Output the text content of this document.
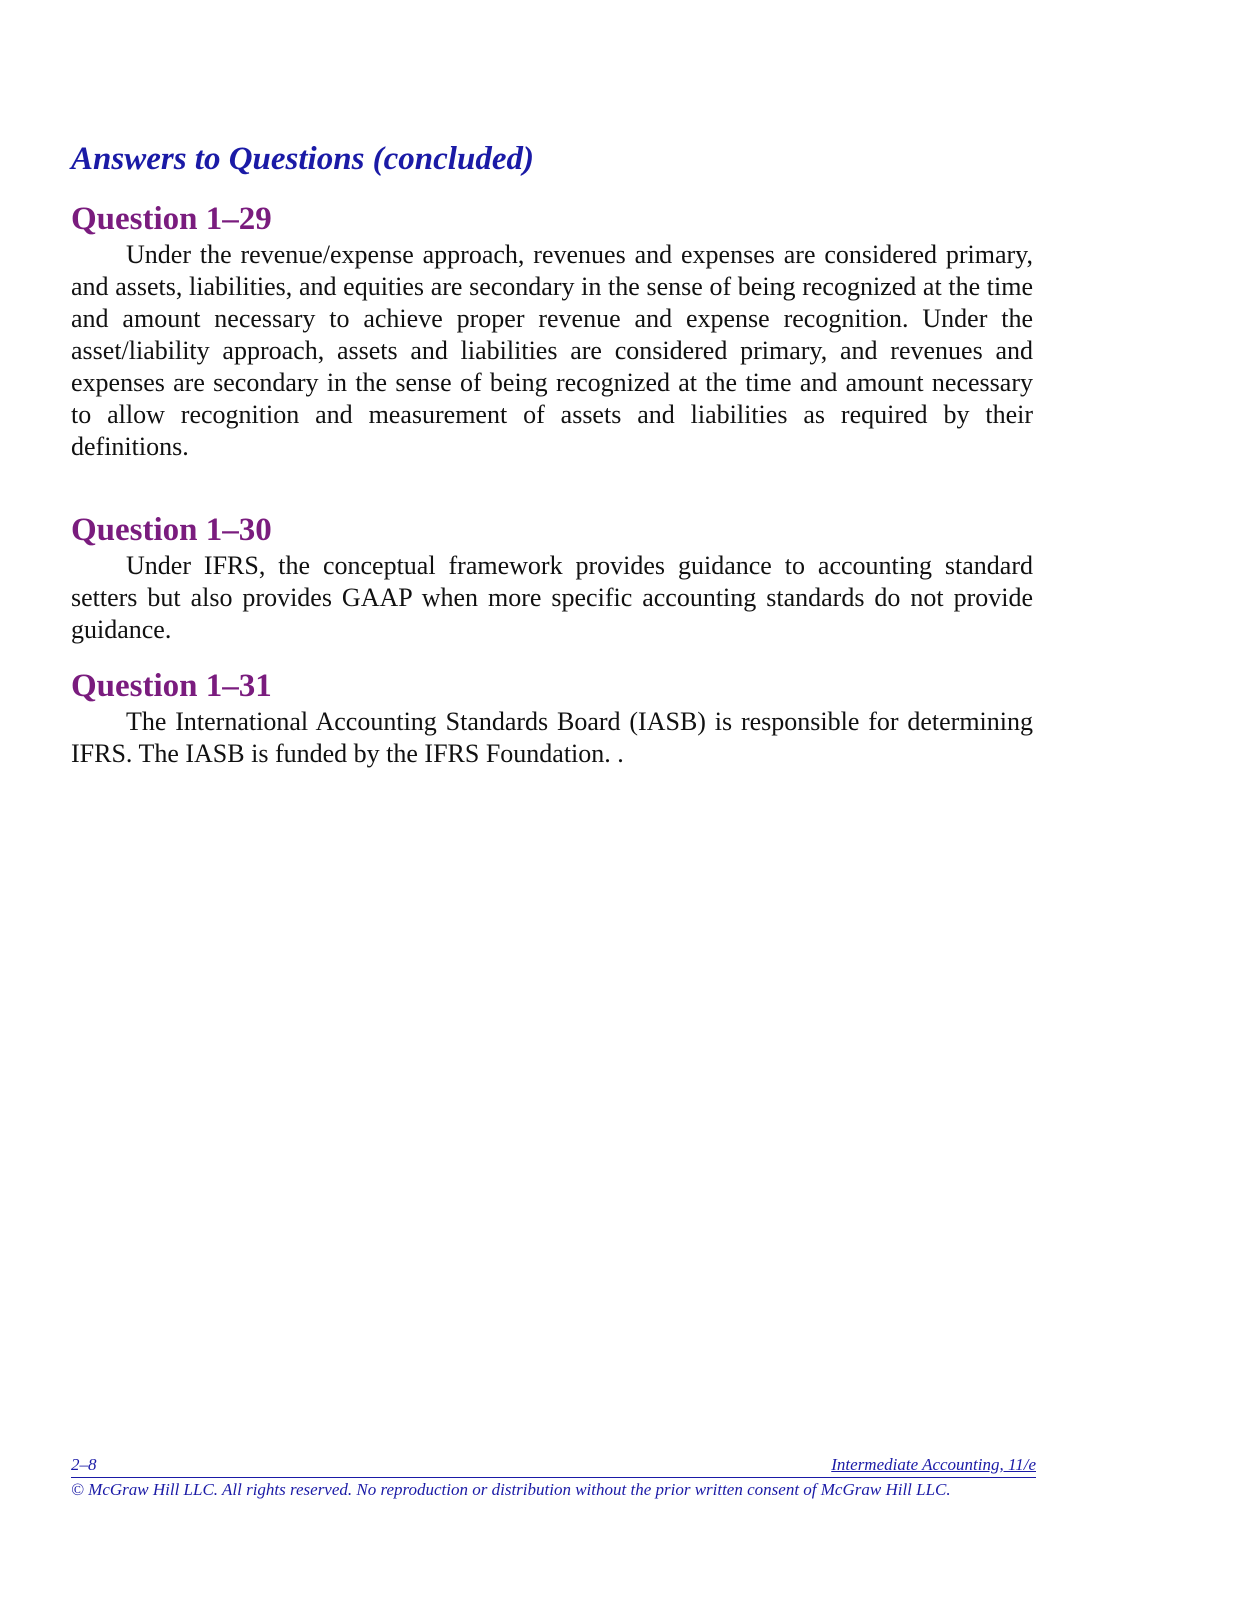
Answers to Questions (concluded)
Question 1–29

Under the revenue/expense approach, revenues and expenses are considered primary, and assets, liabilities, and equities are secondary in the sense of being recognized at the time and amount necessary to achieve proper revenue and expense recognition. Under the asset/liability approach, assets and liabilities are considered primary, and revenues and expenses are secondary in the sense of being recognized at the time and amount necessary to allow recognition and measurement of assets and liabilities as required by their definitions.

Question 1–30

Under IFRS, the conceptual framework provides guidance to accounting standard setters but also provides GAAP when more specific accounting standards do not provide guidance.

Question 1–31

The International Accounting Standards Board (IASB) is responsible for determining IFRS. The IASB is funded by the IFRS Foundation. .

2–8	Intermediate Accounting, 11/e
© McGraw Hill LLC. All rights reserved. No reproduction or distribution without the prior written consent of McGraw Hill LLC.
